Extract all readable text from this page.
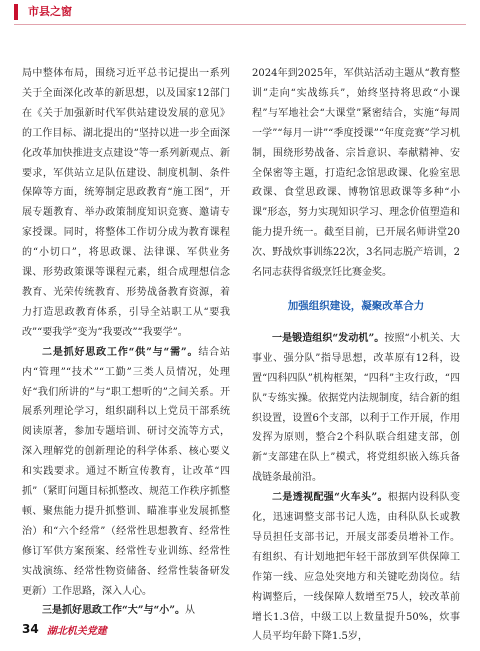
市县之窗

局中整体布局，围绕习近平总书记提出一系列关于全面深化改革的新思想，以及国家12部门在《关于加强新时代军供站建设发展的意见》的工作目标、湖北提出的“坚持以进一步全面深化改革加快推进支点建设”等一系列新观点、新要求，军供站立足队伍建设、制度机制、条件保障等方面，统筹制定思政教育“施工图”，开展专题教育、举办政策制度知识竞赛、邀请专家授课。同时，将整体工作切分成为教育课程的“小切口”，将思政课、法律课、军供业务课、形势政策课等课程元素，组合成理想信念教育、光荣传统教育、形势战备教育资源，着力打造思政教育体系，引导全站职工从“要我改”“要我学”变为“我要改”“我要学”。

二是抓好思政工作“供”与“需”。结合站内“管理”“技术”“工勤”三类人员情况，处理好“我们所讲的”与“职工想听的”之间关系。开展系列理论学习，组织副科以上党员干部系统阅读原著，参加专题培训、研讨交流等方式，深入理解党的创新理论的科学体系、核心要义和实践要求。通过不断宣传教育，让改革“四抓”（紧盯问题目标抓整改、规范工作秩序抓整顿、聚焦能力提升抓整训、瞄准事业发展抓整治）和“六个经常”（经常性思想教育、经常性修订军供方案预案、经常性专业训练、经常性实战演练、经常性物资储备、经常性装备研发更新）工作思路，深入人心。

三是抓好思政工作“大”与“小”。从

2024年到2025年，军供站活动主题从“教育整训”走向“实战练兵”，始终坚持将思政“小课程”与军地社会“大课堂”紧密结合，实施“每周一学”“每月一讲”“季度授课”“年度竞赛”学习机制，围绕形势战备、宗旨意识、奉献精神、安全保密等主题，打造纪念馆思政课、化验室思政课、食堂思政课、博物馆思政课等多种“小课”形态，努力实现知识学习、理念价值塑造和能力提升统一。截至目前，已开展名师讲堂20次、野战炊事训练22次，3名同志脱产培训，2名同志获得省级烹饪比赛金奖。

加强组织建设，凝聚改革合力

一是锻造组织“发动机”。按照“小机关、大事业、强分队”指导思想，改革原有12科，设置“四科四队”机构框架，“四科”主攻行政，“四队”专练实操。依据党内法规制度，结合新的组织设置，设置6个支部，以利于工作开展，作用发挥为原则，整合2个科队联合组建支部，创新“支部建在队上”模式，将党组织嵌入练兵备战链条最前沿。

二是透视配强“火车头”。根据内设科队变化，迅速调整支部书记人选，由科队队长或教导员担任支部书记，开展支部委员增补工作。有组织、有计划地把年轻干部放到军供保障工作第一线、应急处突地方和关键吃劲岗位。结构调整后，一线保障人数增至75人，较改革前增长1.3倍，中级工以上数量提升50%，炊事人员平均年龄下降1.5岁，

34 湖北机关党建
